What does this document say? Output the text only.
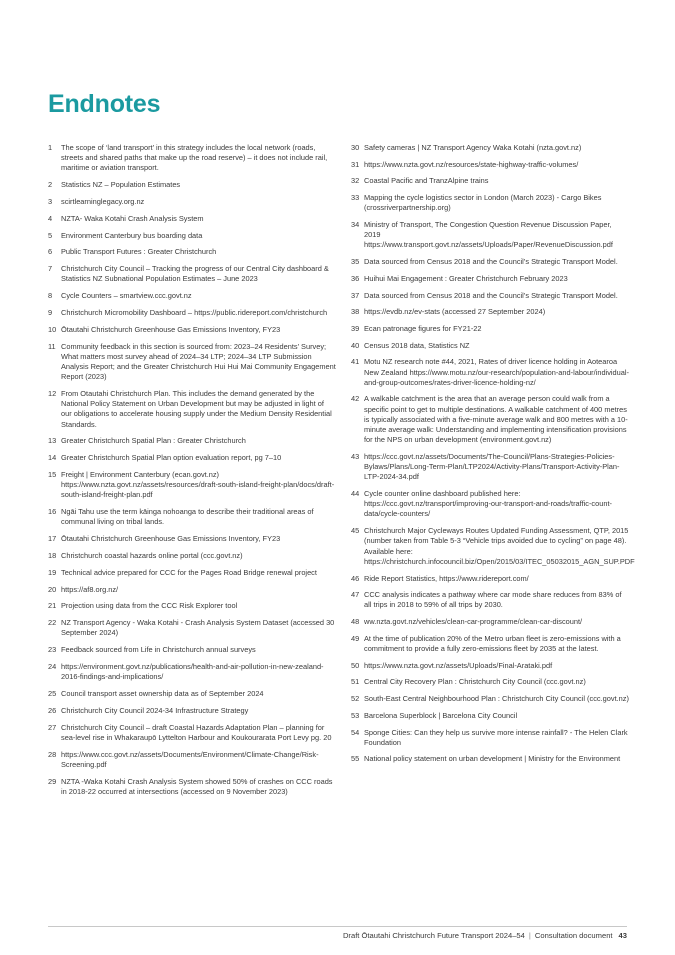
Endnotes
1	The scope of ‘land transport’ in this strategy includes the local network (roads, streets and shared paths that make up the road reserve) – it does not include rail, maritime or aviation transport.
2	Statistics NZ – Population Estimates
3	scirtlearninglegacy.org.nz
4	NZTA- Waka Kotahi Crash Analysis System
5	Environment Canterbury bus boarding data
6	Public Transport Futures : Greater Christchurch
7	Christchurch City Council – Tracking the progress of our Central City dashboard & Statistics NZ Subnational Population Estimates – June 2023
8	Cycle Counters – smartview.ccc.govt.nz
9	Christchurch Micromobility Dashboard – https://public.ridereport.com/christchurch
10 Ōtautahi Christchurch Greenhouse Gas Emissions Inventory, FY23
11 Community feedback in this section is sourced from: 2023–24 Residents’ Survey; What matters most survey ahead of 2024–34 LTP; 2024–34 LTP Submission Analysis Report; and the Greater Christchurch Hui Hui Mai Community Engagement Report (2023)
12 From Otautahi Christchurch Plan. This includes the demand generated by the National Policy Statement on Urban Development but may be adjusted in light of our obligations to accelerate housing supply under the Medium Density Residential Standards.
13 Greater Christchurch Spatial Plan : Greater Christchurch
14 Greater Christchurch Spatial Plan option evaluation report, pg 7–10
15 Freight | Environment Canterbury (ecan.govt.nz) https://www.nzta.govt.nz/assets/resources/draft-south-island-freight-plan/docs/draft-south-island-freight-plan.pdf
16 Ngāi Tahu use the term kāinga nohoanga to describe their traditional areas of communal living on tribal lands.
17 Ōtautahi Christchurch Greenhouse Gas Emissions Inventory, FY23
18 Christchurch coastal hazards online portal (ccc.govt.nz)
19 Technical advice prepared for CCC for the Pages Road Bridge renewal project
20 https://af8.org.nz/
21 Projection using data from the CCC Risk Explorer tool
22 NZ Transport Agency - Waka Kotahi - Crash Analysis System Dataset (accessed 30 September 2024)
23 Feedback sourced from Life in Christchurch annual surveys
24 https://environment.govt.nz/publications/health-and-air-pollution-in-new-zealand-2016-findings-and-implications/
25 Council transport asset ownership data as of September 2024
26 Christchurch City Council 2024-34 Infrastructure Strategy
27 Christchurch City Council – draft Coastal Hazards Adaptation Plan – planning for sea-level rise in Whakaraupō Lyttelton Harbour and Koukourarata Port Levy pg. 20
28 https://www.ccc.govt.nz/assets/Documents/Environment/Climate-Change/Risk-Screening.pdf
29 NZTA -Waka Kotahi Crash Analysis System showed 50% of crashes on CCC roads in 2018-22 occurred at intersections (accessed on 9 November 2023)
30 Safety cameras | NZ Transport Agency Waka Kotahi (nzta.govt.nz)
31 https://www.nzta.govt.nz/resources/state-highway-traffic-volumes/
32 Coastal Pacific and TranzAlpine trains
33 Mapping the cycle logistics sector in London (March 2023) - Cargo Bikes (crossriverpartnership.org)
34 Ministry of Transport, The Congestion Question Revenue Discussion Paper, 2019 https://www.transport.govt.nz/assets/Uploads/Paper/RevenueDiscussion.pdf
35 Data sourced from Census 2018 and the Council’s Strategic Transport Model.
36 Huihui Mai Engagement : Greater Christchurch February 2023
37 Data sourced from Census 2018 and the Council’s Strategic Transport Model.
38 https://evdb.nz/ev-stats (accessed 27 September 2024)
39 Ecan patronage figures for FY21-22
40 Census 2018 data, Statistics NZ
41 Motu NZ research note #44, 2021, Rates of driver licence holding in Aotearoa New Zealand https://www.motu.nz/our-research/population-and-labour/individual-and-group-outcomes/rates-driver-licence-holding-nz/
42 A walkable catchment is the area that an average person could walk from a specific point to get to multiple destinations. A walkable catchment of 400 metres is typically associated with a five-minute average walk and 800 metres with a 10-minute average walk: Understanding and implementing intensification provisions for the NPS on urban development (environment.govt.nz)
43 https://ccc.govt.nz/assets/Documents/The-Council/Plans-Strategies-Policies-Bylaws/Plans/Long-Term-Plan/LTP2024/Activity-Plans/Transport-Activity-Plan-LTP-2024-34.pdf
44 Cycle counter online dashboard published here: https://ccc.govt.nz/transport/improving-our-transport-and-roads/traffic-count-data/cycle-counters/
45 Christchurch Major Cycleways Routes Updated Funding Assessment, QTP, 2015 (number taken from Table 5-3 “Vehicle trips avoided due to cycling” on page 48). Available here: https://christchurch.infocouncil.biz/Open/2015/03/ITEC_05032015_AGN_SUP.PDF
46 Ride Report Statistics, https://www.ridereport.com/
47 CCC analysis indicates a pathway where car mode share reduces from 83% of all trips in 2018 to 59% of all trips by 2030.
48 ww.nzta.govt.nz/vehicles/clean-car-programme/clean-car-discount/
49 At the time of publication 20% of the Metro urban fleet is zero-emissions with a commitment to provide a fully zero-emissions fleet by 2035 at the latest.
50 https://www.nzta.govt.nz/assets/Uploads/Final-Arataki.pdf
51 Central City Recovery Plan : Christchurch City Council (ccc.govt.nz)
52 South-East Central Neighbourhood Plan : Christchurch City Council (ccc.govt.nz)
53 Barcelona Superblock | Barcelona City Council
54 Sponge Cities: Can they help us survive more intense rainfall? - The Helen Clark Foundation
55 National policy statement on urban development | Ministry for the Environment
Draft Ōtautahi Christchurch Future Transport 2024–54 | Consultation document 43
